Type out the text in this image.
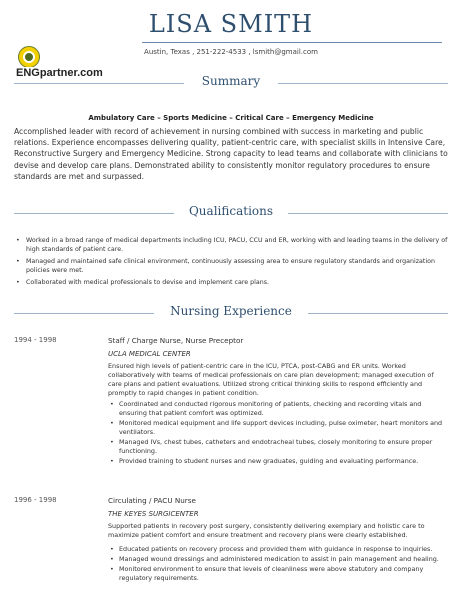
LISA SMITH
Austin, Texas , 251-222-4533 , lsmith@gmail.com
ENGpartner.com
Summary
Ambulatory Care – Sports Medicine – Critical Care – Emergency Medicine

Accomplished leader with record of achievement in nursing combined with success in marketing and public relations. Experience encompasses delivering quality, patient-centric care, with specialist skills in Intensive Care, Reconstructive Surgery and Emergency Medicine. Strong capacity to lead teams and collaborate with clinicians to devise and develop care plans. Demonstrated ability to consistently monitor regulatory procedures to ensure standards are met and surpassed.

Qualifications
• Worked in a broad range of medical departments including ICU, PACU, CCU and ER, working with and leading teams in the delivery of high standards of patient care.
• Managed and maintained safe clinical environment, continuously assessing area to ensure regulatory standards and organization policies were met.
• Collaborated with medical professionals to devise and implement care plans.
Nursing Experience
1994 - 1998	Staff / Charge Nurse, Nurse Preceptor
UCLA MEDICAL CENTER

Ensured high levels of patient-centric care in the ICU, PTCA, post-CABG and ER units. Worked collaboratively with teams of medical professionals on care plan development; managed execution of care plans and patient evaluations. Utilized strong critical thinking skills to respond efficiently and promptly to rapid changes in patient condition.

• Coordinated and conducted rigorous monitoring of patients, checking and recording vitals and ensuring that patient comfort was optimized.
• Monitored medical equipment and life support devices including, pulse oximeter, heart monitors and ventilators.
• Managed IVs, chest tubes, catheters and endotracheal tubes, closely monitoring to ensure proper functioning.
• Provided training to student nurses and new graduates, guiding and evaluating performance.
1996 - 1998	Circulating / PACU Nurse
THE KEYES SURGICENTER

Supported patients in recovery post surgery, consistently delivering exemplary and holistic care to maximize patient comfort and ensure treatment and recovery plans were clearly established.

• Educated patients on recovery process and provided them with guidance in response to inquiries.
• Managed wound dressings and administered medication to assist in pain management and healing.
• Monitored environment to ensure that levels of cleanliness were above statutory and company regulatory requirements.
